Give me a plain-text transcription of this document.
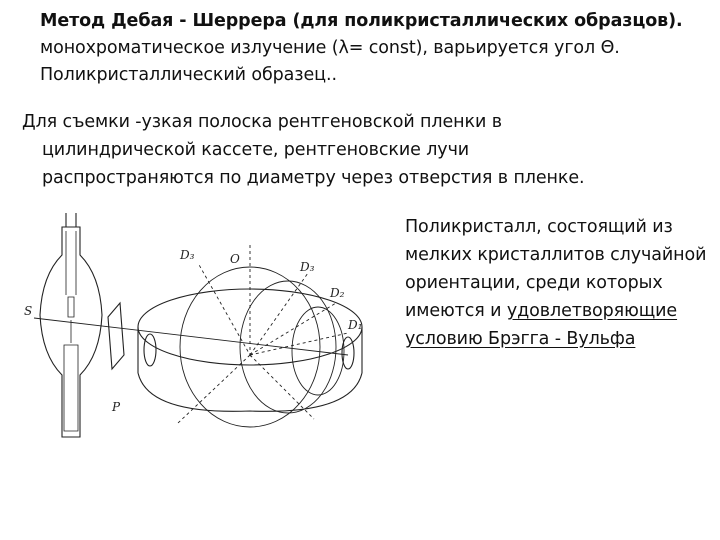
Метод Дебая - Шеррера (для поликристаллических образцов). монохроматическое излучение (λ= const), варьируется угол Θ. Поликристаллический образец..
Для съемки -узкая полоска рентгеновской пленки в
цилиндрической кассете, рентгеновские лучи
распространяются по диаметру через отверстия в пленке.
Поликристалл, состоящий из мелких кристаллитов случайной ориентации, среди которых имеются и удовлетворяющие условию Брэгга - Вульфа
D₃	O
D₃
D₂
D₁
S
P
